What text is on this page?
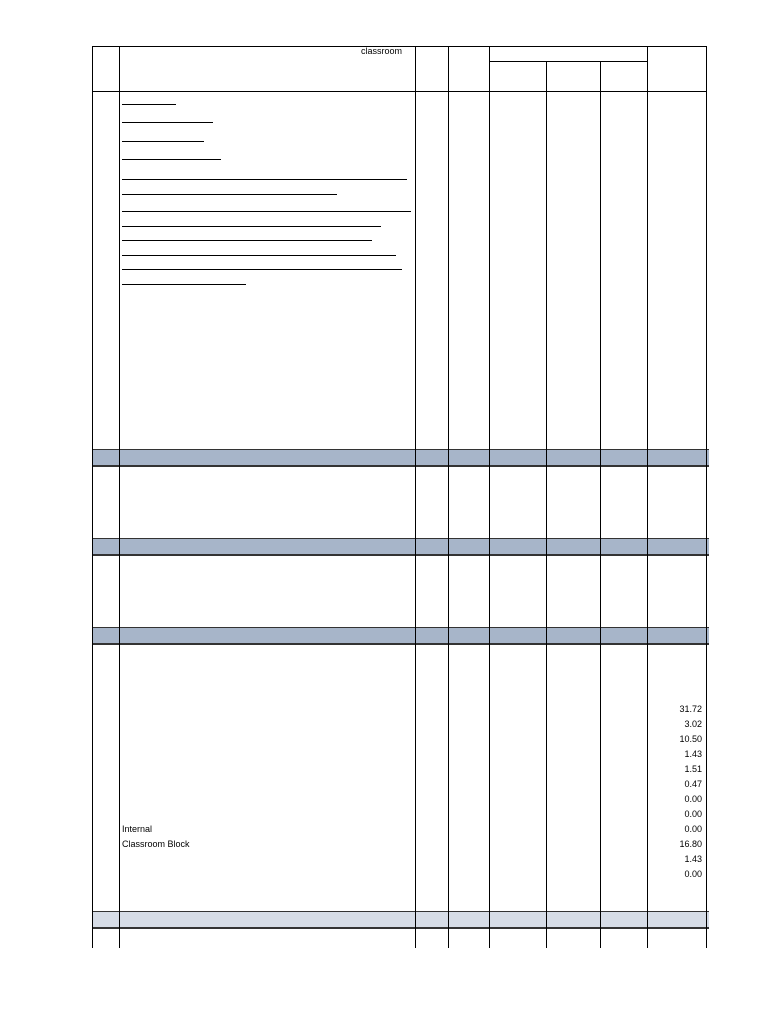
classroom
Internal
Classroom Block
31.72
3.02
10.50
1.43
1.51
0.47
0.00
0.00
0.00
16.80
1.43
0.00
